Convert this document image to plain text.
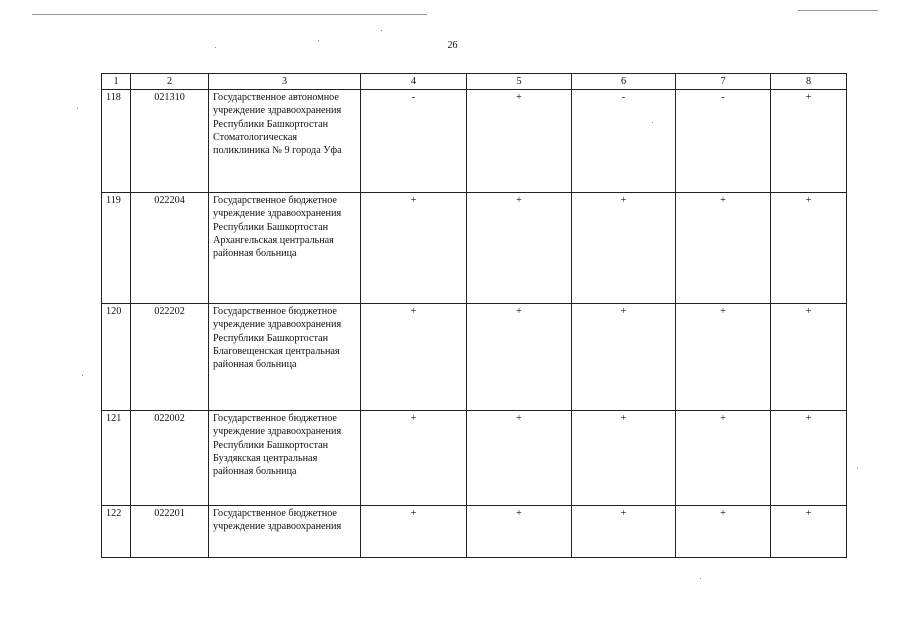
26
1	2	3	4	5	6	7	8
118	021310	Государственное автономное учреждение здравоохранения Республики Башкортостан Стоматологическая поликлиника № 9 города Уфа	-	+	-	-	+
119	022204	Государственное бюджетное учреждение здравоохранения Республики Башкортостан Архангельская центральная районная больница	+	+	+	+	+
120	022202	Государственное бюджетное учреждение здравоохранения Республики Башкортостан Благовещенская центральная районная больница	+	+	+	+	+
121	022002	Государственное бюджетное учреждение здравоохранения Республики Башкортостан Буздякская центральная районная больница	+	+	+	+	+
122	022201	Государственное бюджетное учреждение здравоохранения	+	+	+	+	+
